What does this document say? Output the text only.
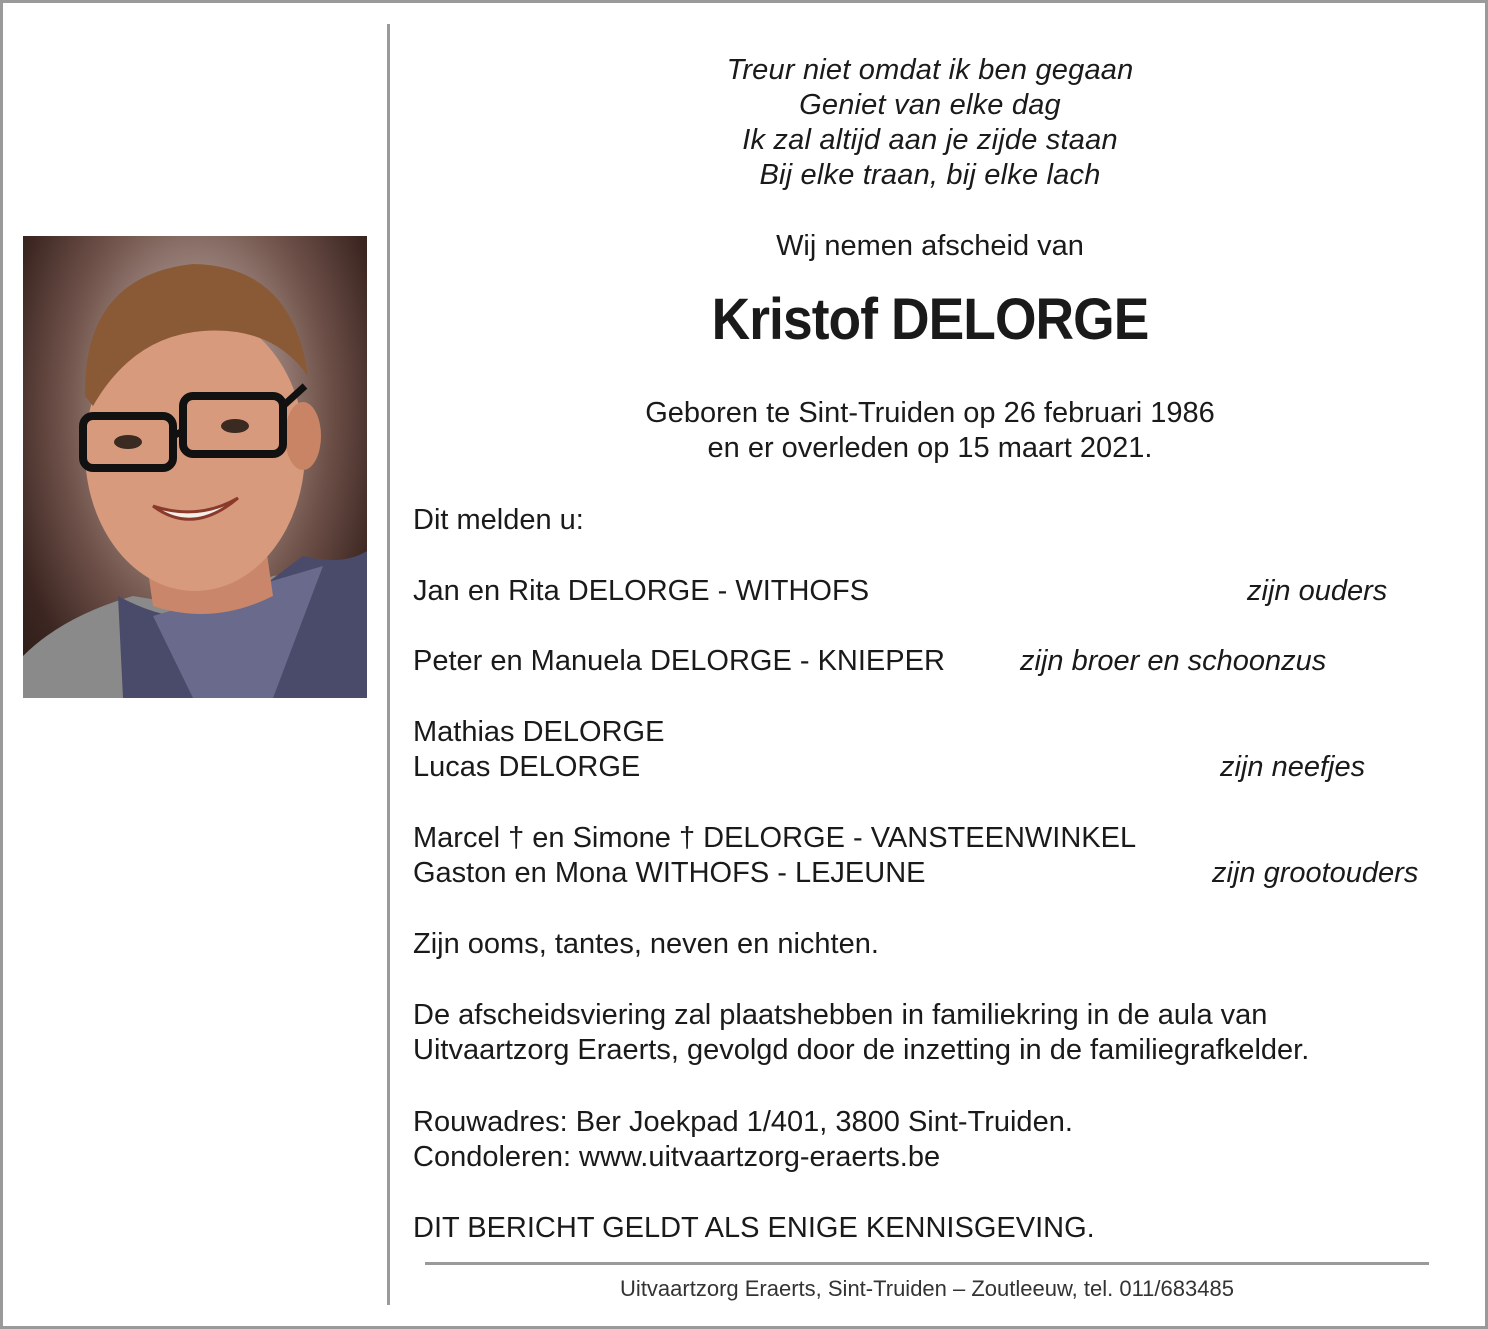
Treur niet omdat ik ben gegaan

Geniet van elke dag

Ik zal altijd aan je zijde staan

Bij elke traan, bij elke lach

Wij nemen afscheid van
Kristof DELORGE

Geboren te Sint-Truiden op 26 februari 1986

en er overleden op 15 maart 2021.

Dit melden u:

Jan en Rita DELORGE - WITHOFS	zijn ouders

Peter en Manuela DELORGE - KNIEPER	zijn broer en schoonzus

Mathias DELORGE

Lucas DELORGE	zijn neefjes

Marcel † en Simone † DELORGE - VANSTEENWINKEL

Gaston en Mona WITHOFS - LEJEUNE	zijn grootouders
Zijn ooms, tantes, neven en nichten.

De afscheidsviering zal plaatshebben in familiekring in de aula van

Uitvaartzorg Eraerts, gevolgd door de inzetting in de familiegrafkelder.

Rouwadres: Ber Joekpad 1/401, 3800 Sint-Truiden.

Condoleren: www.uitvaartzorg-eraerts.be

DIT BERICHT GELDT ALS ENIGE KENNISGEVING.
Uitvaartzorg Eraerts, Sint-Truiden – Zoutleeuw, tel. 011/683485
